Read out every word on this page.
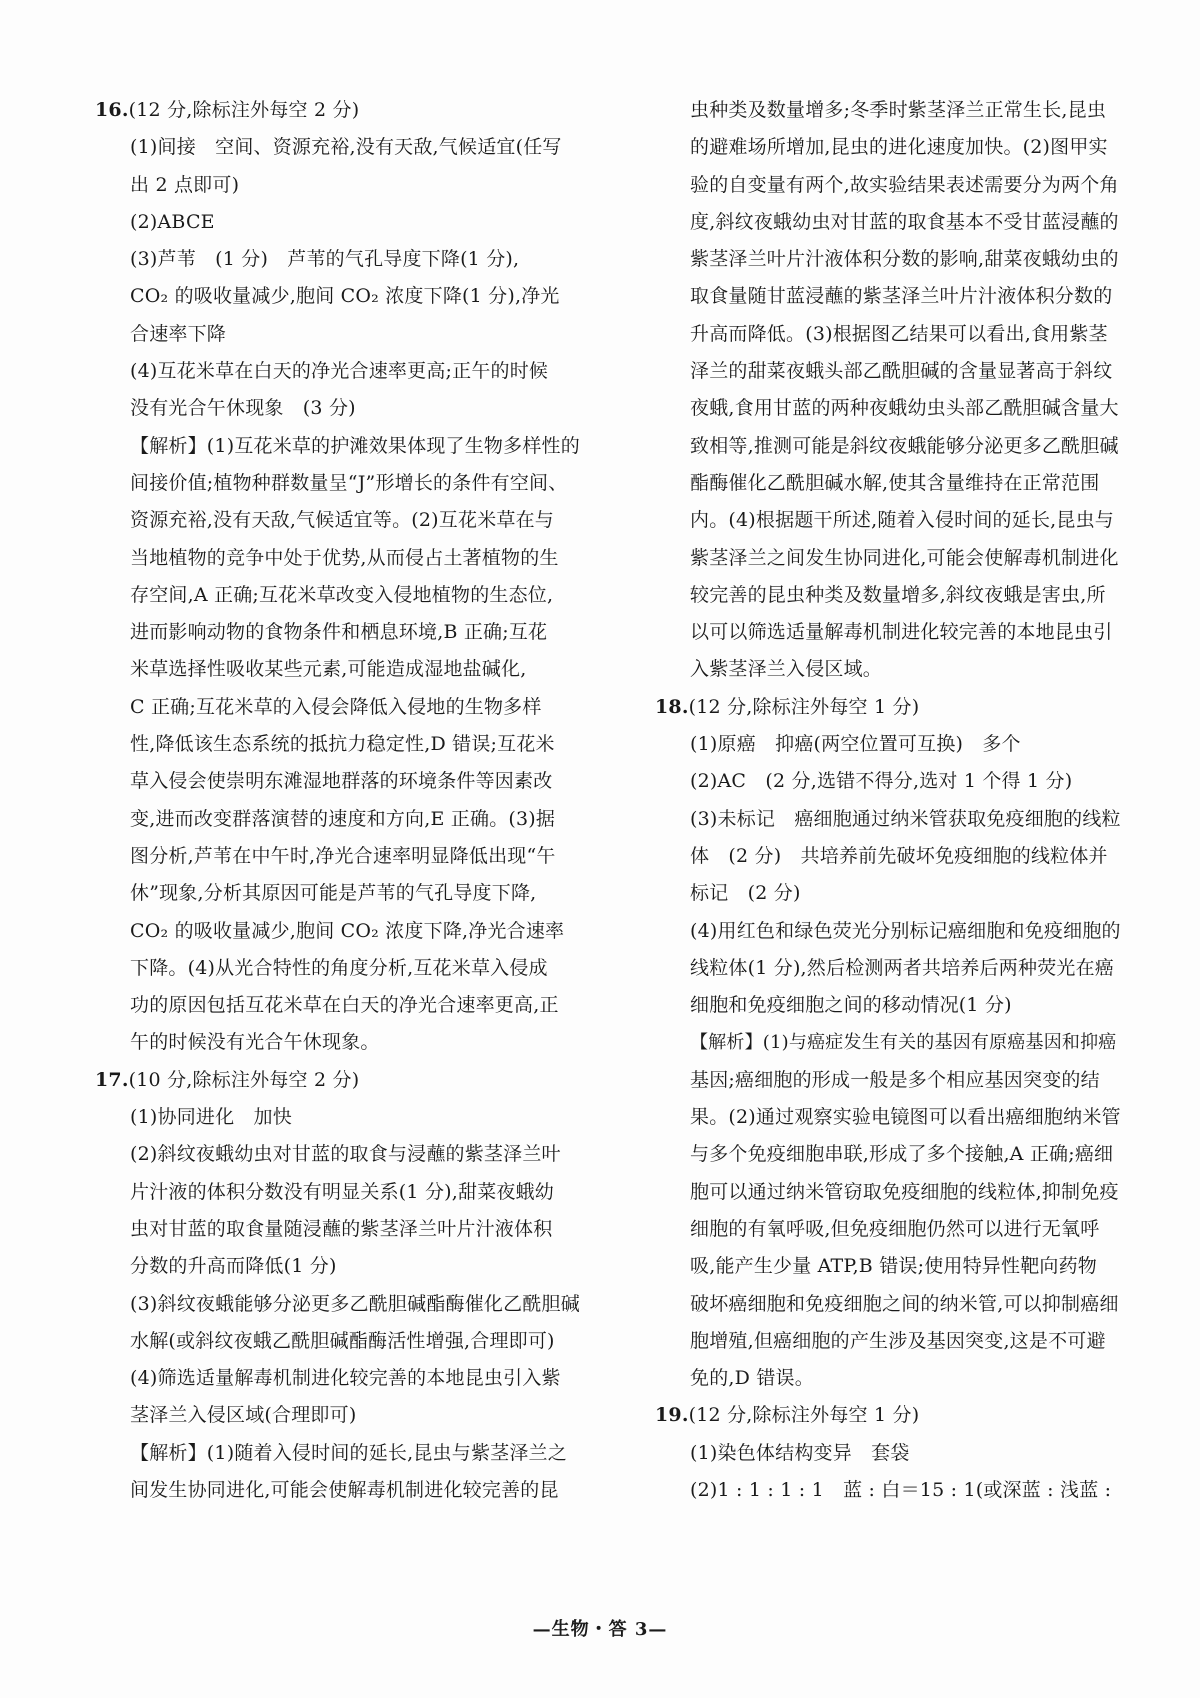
16.(12 分,除标注外每空 2 分)
(1)间接　空间、资源充裕,没有天敌,气候适宜(任写
出 2 点即可)
(2)ABCE
(3)芦苇　(1 分)　芦苇的气孔导度下降(1 分),
CO₂ 的吸收量减少,胞间 CO₂ 浓度下降(1 分),净光
合速率下降
(4)互花米草在白天的净光合速率更高;正午的时候
没有光合午休现象　(3 分)
【解析】(1)互花米草的护滩效果体现了生物多样性的
间接价值;植物种群数量呈“J”形增长的条件有空间、
资源充裕,没有天敌,气候适宜等。(2)互花米草在与
当地植物的竞争中处于优势,从而侵占土著植物的生
存空间,A 正确;互花米草改变入侵地植物的生态位,
进而影响动物的食物条件和栖息环境,B 正确;互花
米草选择性吸收某些元素,可能造成湿地盐碱化,
C 正确;互花米草的入侵会降低入侵地的生物多样
性,降低该生态系统的抵抗力稳定性,D 错误;互花米
草入侵会使崇明东滩湿地群落的环境条件等因素改
变,进而改变群落演替的速度和方向,E 正确。(3)据
图分析,芦苇在中午时,净光合速率明显降低出现“午
休”现象,分析其原因可能是芦苇的气孔导度下降,
CO₂ 的吸收量减少,胞间 CO₂ 浓度下降,净光合速率
下降。(4)从光合特性的角度分析,互花米草入侵成
功的原因包括互花米草在白天的净光合速率更高,正
午的时候没有光合午休现象。
17.(10 分,除标注外每空 2 分)
(1)协同进化　加快
(2)斜纹夜蛾幼虫对甘蓝的取食与浸蘸的紫茎泽兰叶
片汁液的体积分数没有明显关系(1 分),甜菜夜蛾幼
虫对甘蓝的取食量随浸蘸的紫茎泽兰叶片汁液体积
分数的升高而降低(1 分)
(3)斜纹夜蛾能够分泌更多乙酰胆碱酯酶催化乙酰胆碱
水解(或斜纹夜蛾乙酰胆碱酯酶活性增强,合理即可)
(4)筛选适量解毒机制进化较完善的本地昆虫引入紫
茎泽兰入侵区域(合理即可)
【解析】(1)随着入侵时间的延长,昆虫与紫茎泽兰之
间发生协同进化,可能会使解毒机制进化较完善的昆
虫种类及数量增多;冬季时紫茎泽兰正常生长,昆虫
的避难场所增加,昆虫的进化速度加快。(2)图甲实
验的自变量有两个,故实验结果表述需要分为两个角
度,斜纹夜蛾幼虫对甘蓝的取食基本不受甘蓝浸蘸的
紫茎泽兰叶片汁液体积分数的影响,甜菜夜蛾幼虫的
取食量随甘蓝浸蘸的紫茎泽兰叶片汁液体积分数的
升高而降低。(3)根据图乙结果可以看出,食用紫茎
泽兰的甜菜夜蛾头部乙酰胆碱的含量显著高于斜纹
夜蛾,食用甘蓝的两种夜蛾幼虫头部乙酰胆碱含量大
致相等,推测可能是斜纹夜蛾能够分泌更多乙酰胆碱
酯酶催化乙酰胆碱水解,使其含量维持在正常范围
内。(4)根据题干所述,随着入侵时间的延长,昆虫与
紫茎泽兰之间发生协同进化,可能会使解毒机制进化
较完善的昆虫种类及数量增多,斜纹夜蛾是害虫,所
以可以筛选适量解毒机制进化较完善的本地昆虫引
入紫茎泽兰入侵区域。
18.(12 分,除标注外每空 1 分)
(1)原癌　抑癌(两空位置可互换)　多个
(2)AC　(2 分,选错不得分,选对 1 个得 1 分)
(3)未标记　癌细胞通过纳米管获取免疫细胞的线粒
体　(2 分)　共培养前先破坏免疫细胞的线粒体并
标记　(2 分)
(4)用红色和绿色荧光分别标记癌细胞和免疫细胞的
线粒体(1 分),然后检测两者共培养后两种荧光在癌
细胞和免疫细胞之间的移动情况(1 分)
【解析】(1)与癌症发生有关的基因有原癌基因和抑癌
基因;癌细胞的形成一般是多个相应基因突变的结
果。(2)通过观察实验电镜图可以看出癌细胞纳米管
与多个免疫细胞串联,形成了多个接触,A 正确;癌细
胞可以通过纳米管窃取免疫细胞的线粒体,抑制免疫
细胞的有氧呼吸,但免疫细胞仍然可以进行无氧呼
吸,能产生少量 ATP,B 错误;使用特异性靶向药物
破坏癌细胞和免疫细胞之间的纳米管,可以抑制癌细
胞增殖,但癌细胞的产生涉及基因突变,这是不可避
免的,D 错误。
19.(12 分,除标注外每空 1 分)
(1)染色体结构变异　套袋
(2)1 : 1 : 1 : 1　蓝 : 白＝15 : 1(或深蓝 : 浅蓝 :
—生物・答 3—
